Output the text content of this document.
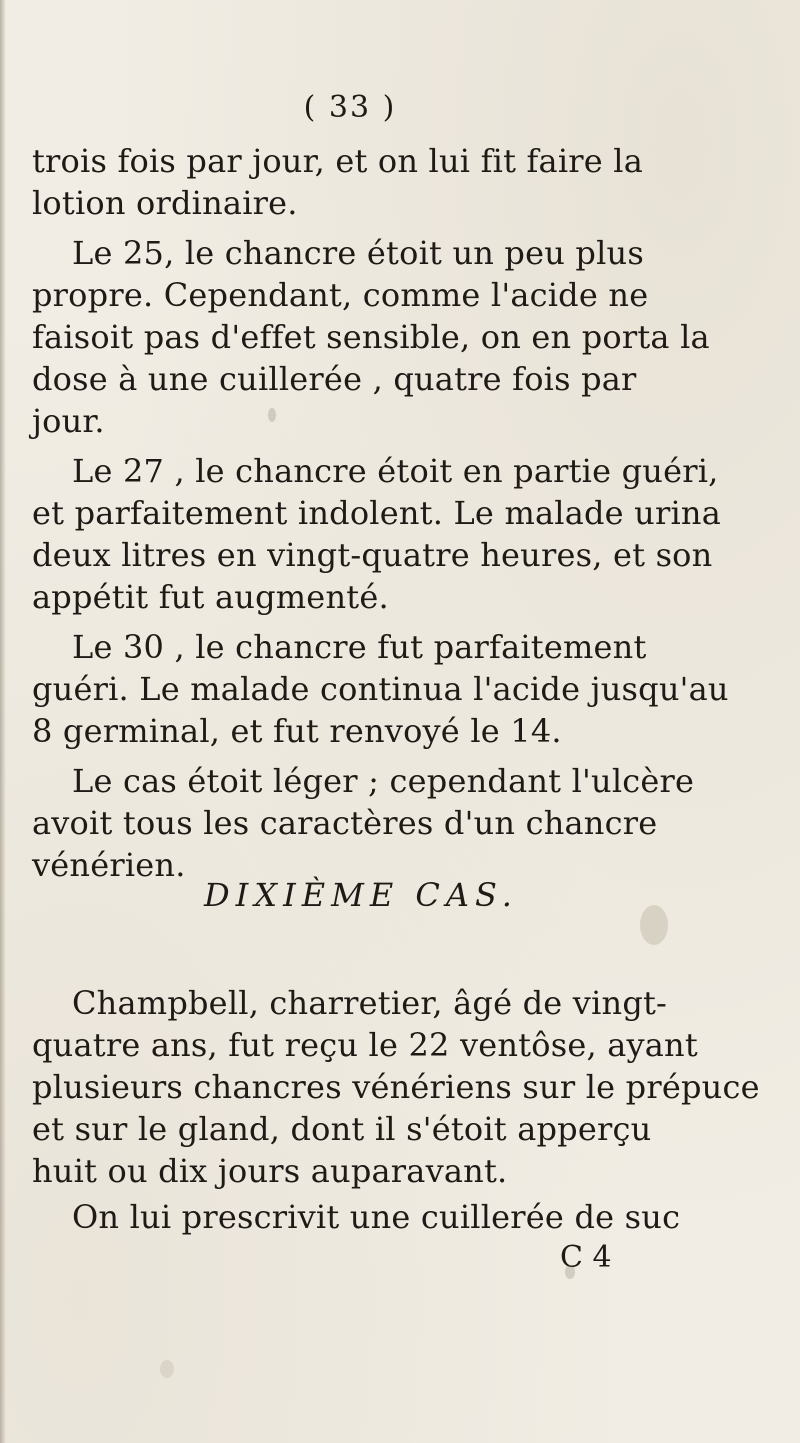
( 33 )
trois fois par jour, et on lui fit faire la
lotion ordinaire.
Le 25, le chancre étoit un peu plus
propre. Cependant, comme l'acide ne
faisoit pas d'effet sensible, on en porta la
dose à une cuillerée , quatre fois par
jour.
Le 27 , le chancre étoit en partie guéri,
et parfaitement indolent. Le malade urina
deux litres en vingt-quatre heures, et son
appétit fut augmenté.
Le 30 , le chancre fut parfaitement
guéri. Le malade continua l'acide jusqu'au
8 germinal, et fut renvoyé le 14.
Le cas étoit léger ; cependant l'ulcère
avoit tous les caractères d'un chancre
vénérien.
DIXIÈME CAS.
Champbell, charretier, âgé de vingt-
quatre ans, fut reçu le 22 ventôse, ayant
plusieurs chancres vénériens sur le prépuce
et sur le gland, dont il s'étoit apperçu
huit ou dix jours auparavant.
On lui prescrivit une cuillerée de suc
C 4
